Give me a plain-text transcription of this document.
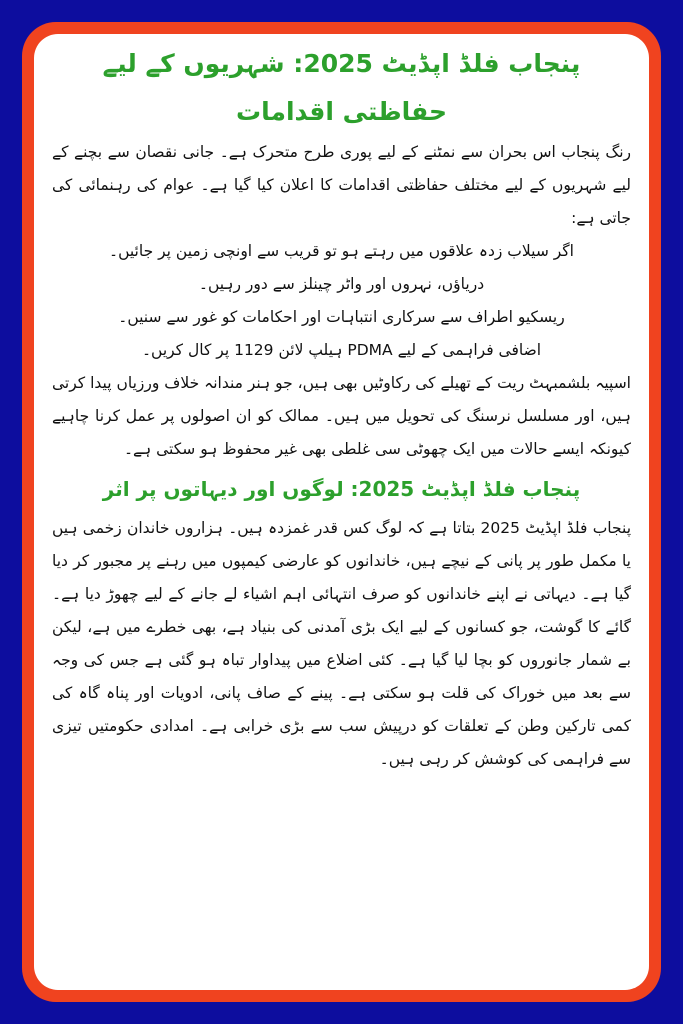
پنجاب فلڈ اپڈیٹ 2025: شہریوں کے لیے حفاظتی اقدامات

رنگ پنجاب اس بحران سے نمٹنے کے لیے پوری طرح متحرک ہے۔ جانی نقصان سے بچنے کے لیے شہریوں کے لیے مختلف حفاظتی اقدامات کا اعلان کیا گیا ہے۔ عوام کی رہنمائی کی جاتی ہے:

اگر سیلاب زدہ علاقوں میں رہتے ہو تو قریب سے اونچی زمین پر جائیں۔

دریاؤں، نہروں اور واٹر چینلز سے دور رہیں۔

ریسکیو اطراف سے سرکاری انتباہات اور احکامات کو غور سے سنیں۔

اضافی فراہمی کے لیے PDMA ہیلپ لائن 1129 پر کال کریں۔

اسپیہ بلشمبہٹ ریت کے تھیلے کی رکاوٹیں بھی ہیں، جو ہنر مندانہ خلاف ورزیاں پیدا کرتی ہیں، اور مسلسل نرسنگ کی تحویل میں ہیں۔ ممالک کو ان اصولوں پر عمل کرنا چاہیے کیونکہ ایسے حالات میں ایک چھوٹی سی غلطی بھی غیر محفوظ ہو سکتی ہے۔

پنجاب فلڈ اپڈیٹ 2025: لوگوں اور دیہاتوں پر اثر

پنجاب فلڈ اپڈیٹ 2025 بتاتا ہے کہ لوگ کس قدر غمزدہ ہیں۔ ہزاروں خاندان زخمی ہیں یا مکمل طور پر پانی کے نیچے ہیں، خاندانوں کو عارضی کیمپوں میں رہنے پر مجبور کر دیا گیا ہے۔ دیہاتی نے اپنے خاندانوں کو صرف انتہائی اہم اشیاء لے جانے کے لیے چھوڑ دیا ہے۔ گائے کا گوشت، جو کسانوں کے لیے ایک بڑی آمدنی کی بنیاد ہے، بھی خطرے میں ہے، لیکن بے شمار جانوروں کو بچا لیا گیا ہے۔ کئی اضلاع میں پیداوار تباہ ہو گئی ہے جس کی وجہ سے بعد میں خوراک کی قلت ہو سکتی ہے۔ پینے کے صاف پانی، ادویات اور پناہ گاہ کی کمی تارکین وطن کے تعلقات کو درپیش سب سے بڑی خرابی ہے۔ امدادی حکومتیں تیزی سے فراہمی کی کوشش کر رہی ہیں۔
